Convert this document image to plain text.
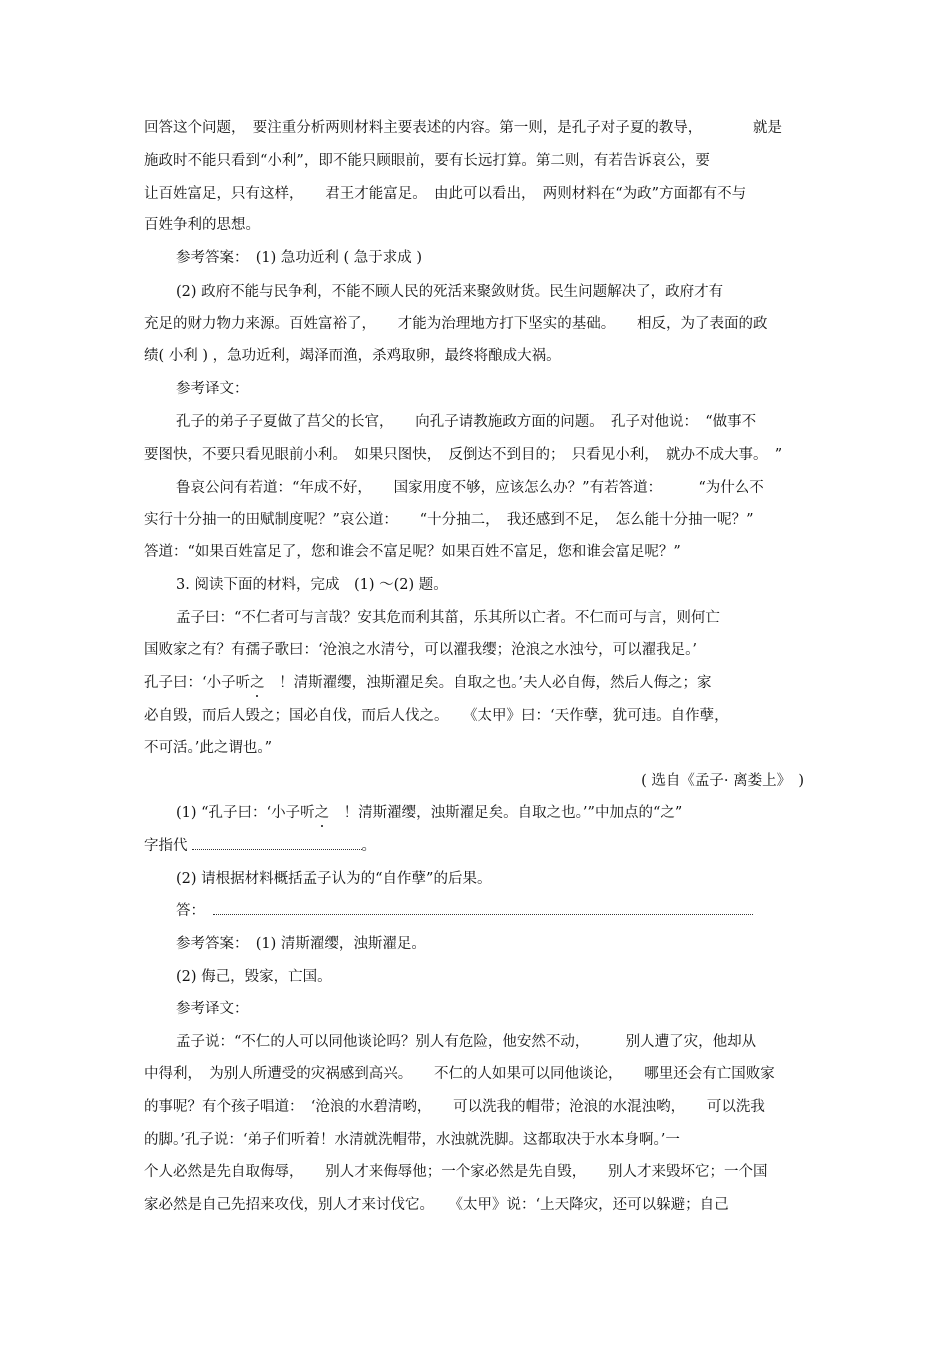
回答这个问题，　要注重分析两则材料主要表述的内容。第一则，是孔子对子夏的教导，　　　　就是
施政时不能只看到“小利”，即不能只顾眼前，要有长远打算。第二则，有若告诉哀公，要
让百姓富足，只有这样，　　君王才能富足。　由此可以看出，　两则材料在“为政”方面都有不与
百姓争利的思想。
参考答案：　(1) 急功近利 ( 急于求成 )
(2) 政府不能与民争利，不能不顾人民的死活来聚敛财货。民生问题解决了，政府才有
充足的财力物力来源。百姓富裕了，　　才能为治理地方打下坚实的基础。　　相反，为了表面的政
绩( 小利 ) ，急功近利，竭泽而渔，杀鸡取卵，最终将酿成大祸。
参考译文：
孔子的弟子子夏做了莒父的长官，　　向孔子请教施政方面的问题。　孔子对他说：　“做事不
要图快，不要只看见眼前小利。　如果只图快，　反倒达不到目的；　只看见小利，　就办不成大事。　”
鲁哀公问有若道：“年成不好，　　国家用度不够，应该怎么办？”有若答道：　　　“为什么不
实行十分抽一的田赋制度呢？”哀公道：　　“十分抽二，　我还感到不足，　怎么能十分抽一呢？”
答道：“如果百姓富足了，您和谁会不富足呢？如果百姓不富足，您和谁会富足呢？”
3. 阅读下面的材料，完成　(1) ～(2) 题。
孟子曰：“不仁者可与言哉？安其危而利其菑，乐其所以亡者。不仁而可与言，则何亡
国败家之有？有孺子歌曰：‘沧浪之水清兮，可以濯我缨；沧浪之水浊兮，可以濯我足。’
孔子曰：‘小子听之　！清斯濯缨，浊斯濯足矣。自取之也。’夫人必自侮，然后人侮之；家
必自毁，而后人毁之；国必自伐，而后人伐之。　　《太甲》曰：‘天作孽，犹可违。自作孽，
不可活。’此之谓也。”
( 选自《孟子· 离娄上》　)
(1) “孔子曰：‘小子听之　！清斯濯缨，浊斯濯足矣。自取之也。’”中加点的“之”
字指代	。
(2) 请根据材料概括孟子认为的“自作孽”的后果。
答：
参考答案：　(1) 清斯濯缨，浊斯濯足。
(2) 侮己，毁家，亡国。
参考译文：
孟子说：“不仁的人可以同他谈论吗？别人有危险，他安然不动，　　　别人遭了灾，他却从
中得利，　为别人所遭受的灾祸感到高兴。　　不仁的人如果可以同他谈论，　　哪里还会有亡国败家
的事呢？有个孩子唱道：　‘沧浪的水碧清哟，　　可以洗我的帽带；沧浪的水混浊哟，　　可以洗我
的脚。’孔子说：‘弟子们听着！水清就洗帽带，水浊就洗脚。这都取决于水本身啊。’一
个人必然是先自取侮辱，　　别人才来侮辱他；一个家必然是先自毁，　　别人才来毁坏它；一个国
家必然是自己先招来攻伐，别人才来讨伐它。　　《太甲》说：‘上天降灾，还可以躲避；自己
